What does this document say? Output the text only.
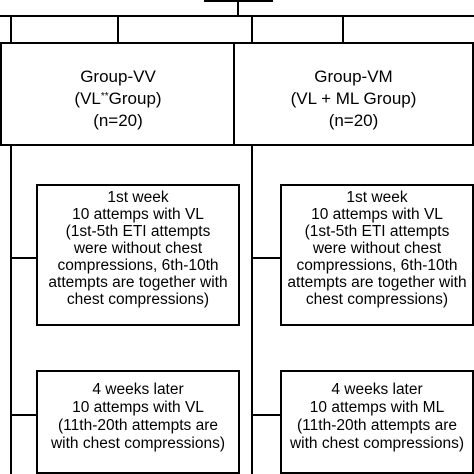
Group-VV
(VL**Group)
(n=20)
Group-VM
(VL + ML Group)
(n=20)
1st week
10 attemps with VL
(1st-5th ETI attempts
were without chest
compressions, 6th-10th
attempts are together with
chest compressions)
1st week
10 attemps with VL
(1st-5th ETI attempts
were without chest
compressions, 6th-10th
attempts are together with
chest compressions)
4 weeks later
10 attemps with VL
(11th-20th attempts are
with chest compressions)
4 weeks later
10 attemps with ML
(11th-20th attempts are
with chest compressions)
